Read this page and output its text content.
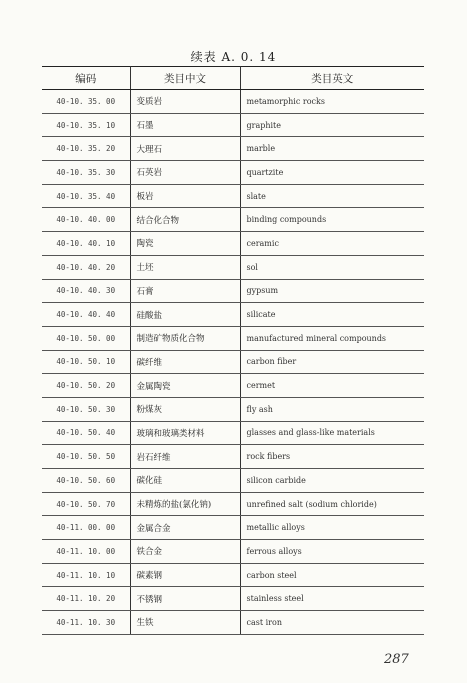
续表 A. 0. 14
编码	类目中文	类目英文
40-10. 35. 00	变质岩	metamorphic rocks
40-10. 35. 10	石墨	graphite
40-10. 35. 20	大理石	marble
40-10. 35. 30	石英岩	quartzite
40-10. 35. 40	板岩	slate
40-10. 40. 00	结合化合物	binding compounds
40-10. 40. 10	陶瓷	ceramic
40-10. 40. 20	土坯	sol
40-10. 40. 30	石膏	gypsum
40-10. 40. 40	硅酸盐	silicate
40-10. 50. 00	制造矿物质化合物	manufactured mineral compounds
40-10. 50. 10	碳纤维	carbon fiber
40-10. 50. 20	金属陶瓷	cermet
40-10. 50. 30	粉煤灰	fly ash
40-10. 50. 40	玻璃和玻璃类材料	glasses and glass-like materials
40-10. 50. 50	岩石纤维	rock fibers
40-10. 50. 60	碳化硅	silicon carbide
40-10. 50. 70	未精炼的盐(氯化钠)	unrefined salt (sodium chloride)
40-11. 00. 00	金属合金	metallic alloys
40-11. 10. 00	铁合金	ferrous alloys
40-11. 10. 10	碳素钢	carbon steel
40-11. 10. 20	不锈钢	stainless steel
40-11. 10. 30	生铁	cast iron
287
